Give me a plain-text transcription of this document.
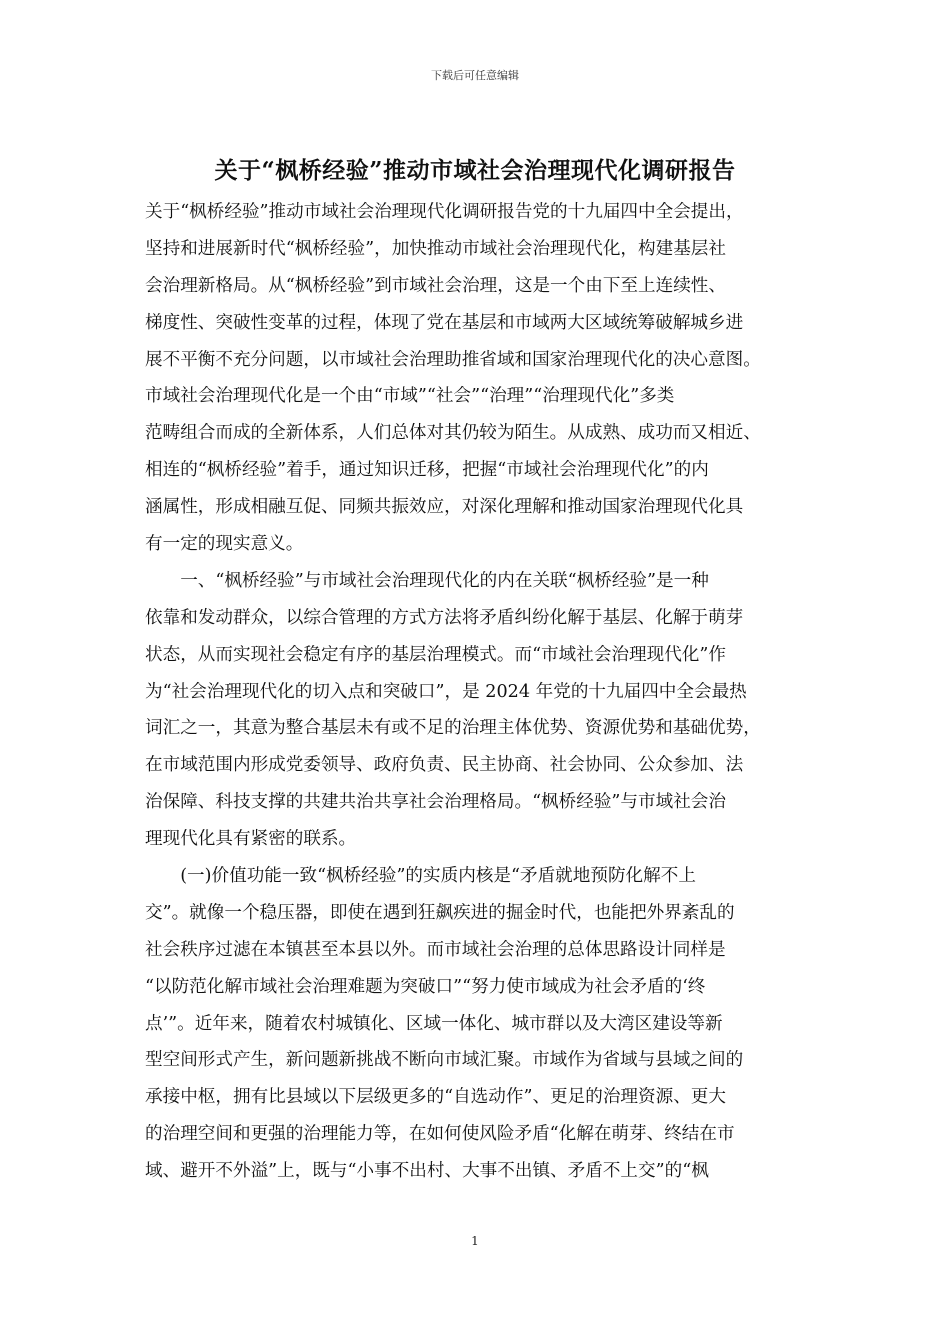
下载后可任意编辑
关于“枫桥经验”推动市域社会治理现代化调研报告
关于“枫桥经验”推动市域社会治理现代化调研报告党的十九届四中全会提出，
坚持和进展新时代“枫桥经验”，加快推动市域社会治理现代化，构建基层社
会治理新格局。从“枫桥经验”到市域社会治理，这是一个由下至上连续性、
梯度性、突破性变革的过程，体现了党在基层和市域两大区域统筹破解城乡进
展不平衡不充分问题，以市域社会治理助推省域和国家治理现代化的决心意图。
市域社会治理现代化是一个由“市域”“社会”“治理”“治理现代化”多类
范畴组合而成的全新体系，人们总体对其仍较为陌生。从成熟、成功而又相近、
相连的“枫桥经验”着手，通过知识迁移，把握“市域社会治理现代化”的内
涵属性，形成相融互促、同频共振效应，对深化理解和推动国家治理现代化具
有一定的现实意义。
　　一、“枫桥经验”与市域社会治理现代化的内在关联“枫桥经验”是一种
依靠和发动群众，以综合管理的方式方法将矛盾纠纷化解于基层、化解于萌芽
状态，从而实现社会稳定有序的基层治理模式。而“市域社会治理现代化”作
为“社会治理现代化的切入点和突破口”，是 2024 年党的十九届四中全会最热
词汇之一，其意为整合基层未有或不足的治理主体优势、资源优势和基础优势，
在市域范围内形成党委领导、政府负责、民主协商、社会协同、公众参加、法
治保障、科技支撑的共建共治共享社会治理格局。“枫桥经验”与市域社会治
理现代化具有紧密的联系。
　　(一)价值功能一致“枫桥经验”的实质内核是“矛盾就地预防化解不上
交”。就像一个稳压器，即使在遇到狂飙疾进的掘金时代，也能把外界紊乱的
社会秩序过滤在本镇甚至本县以外。而市域社会治理的总体思路设计同样是
“以防范化解市域社会治理难题为突破口”“努力使市域成为社会矛盾的‘终
点’”。近年来，随着农村城镇化、区域一体化、城市群以及大湾区建设等新
型空间形式产生，新问题新挑战不断向市域汇聚。市域作为省域与县域之间的
承接中枢，拥有比县域以下层级更多的“自选动作”、更足的治理资源、更大
的治理空间和更强的治理能力等，在如何使风险矛盾“化解在萌芽、终结在市
域、避开不外溢”上，既与“小事不出村、大事不出镇、矛盾不上交”的“枫
1
